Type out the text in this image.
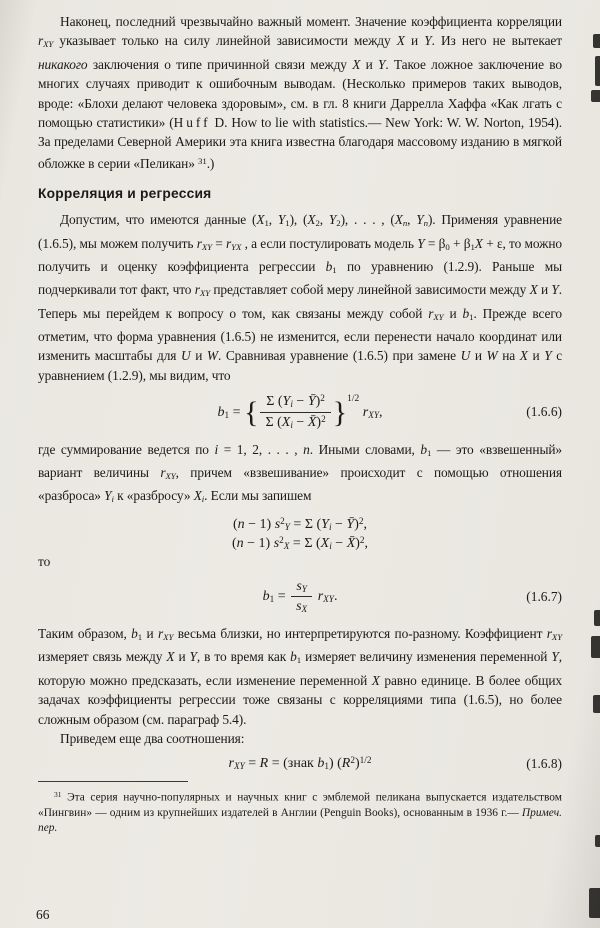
Наконец, последний чрезвычайно важный момент. Значение коэффициента корреляции rXY указывает только на силу линейной зависимости между X и Y. Из него не вытекает никакого заключения о типе причинной связи между X и Y. Такое ложное заключение во многих случаях приводит к ошибочным выводам. (Несколько примеров таких выводов, вроде: «Блохи делают человека здоровым», см. в гл. 8 книги Даррелла Хаффа «Как лгать с помощью статистики» (Huff D. How to lie with statistics.— New York: W. W. Norton, 1954). За пределами Северной Америки эта книга известна благодаря массовому изданию в мягкой обложке в серии «Пеликан» $^{31}$.)

Корреляция и регрессия

Допустим, что имеются данные (X1, Y1), (X2, Y2), . . . , (Xn, Yn). Применяя уравнение (1.6.5), мы можем получить rXY = rYX , а если постулировать модель Y = β0 + β1X + ε, то можно получить и оценку коэффициента регрессии b1 по уравнению (1.2.9). Раньше мы подчеркивали тот факт, что rXY представляет собой меру линейной зависимости между X и Y. Теперь мы перейдем к вопросу о том, как связаны между собой rXY и b1. Прежде всего отметим, что форма уравнения (1.6.5) не изменится, если перенести начало координат или изменить масштабы для U и W. Сравнивая уравнение (1.6.5) при замене U и W на X и Y с уравнением (1.2.9), мы видим, что

b1 = { $\frac{\Sigma (Yi - Ȳ)^2}{\Sigma (Xi - X̄)^2} \}^{1/2}$ rXY,	(1.6.6)

где суммирование ведется по i = 1, 2, . . . , n. Иными словами, b1 — это «взвешенный» вариант величины rXY, причем «взвешивание» происходит с помощью отношения «разброса» Yi к «разбросу» Xi. Если мы запишем

(n − 1) $s^2Y = \Sigma$ (Yi − Ȳ)$^2$,
(n − 1) $s^2X = \Sigma$ (Xi − X̄)$^2$,

то

$b1 = \frac{sY}{sX}$ rXY.	(1.6.7)

Таким образом, b1 и rXY весьма близки, но интерпретируются по-разному. Коэффициент rXY измеряет связь между X и Y, в то время как b1 измеряет величину изменения переменной Y, которую можно предсказать, если изменение переменной X равно единице. В более общих задачах коэффициенты регрессии тоже связаны с корреляциями типа (1.6.5), но более сложным образом (см. параграф 5.4).

Приведем еще два соотношения:

rXY = R = (знак b1) $(R^2)^{1/2}$	(1.6.8)

$^{31}$ Эта серия научно-популярных и научных книг с эмблемой пеликана выпускается издательством «Пингвин» — одним из крупнейших издателей в Англии (Penguin Books), основанным в 1936 г.— Примеч. пер.

66
